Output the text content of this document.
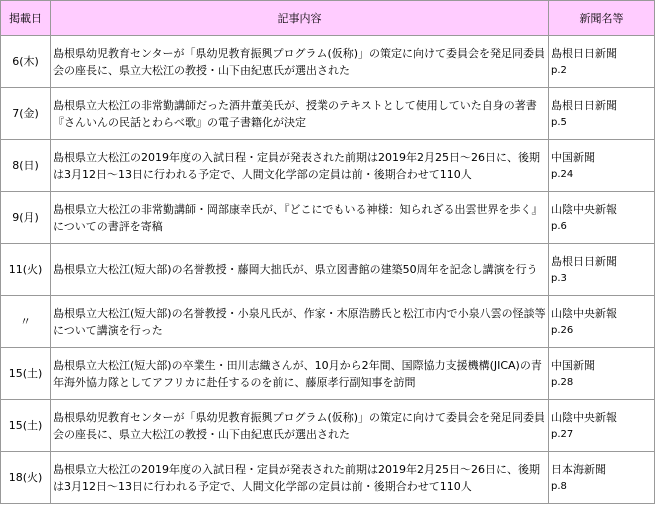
掲載日	記事内容	新聞名等
6(木)	島根県幼児教育センターが「県幼児教育振興プログラム(仮称)」の策定に向けて委員会を発足同委員会の座長に、県立大松江の教授・山下由紀恵氏が選出された	島根日日新聞
p.2

7(金)	島根県立大松江の非常勤講師だった酒井董美氏が、授業のテキストとして使用していた自身の著書『さんいんの民話とわらべ歌』の電子書籍化が決定	島根日日新聞
p.5

8(日)	島根県立大松江の2019年度の入試日程・定員が発表された前期は2019年2月25日～26日に、後期は3月12日～13日に行われる予定で、人間文化学部の定員は前・後期合わせて110人	中国新聞
p.24

9(月)	島根県立大松江の非常勤講師・岡部康幸氏が、『どこにでもいる神様：知られざる出雲世界を歩く』についての書評を寄稿	山陰中央新報
p.6

11(火)	島根県立大松江(短大部)の名誉教授・藤岡大拙氏が、県立図書館の建築50周年を記念し講演を行う	島根日日新聞
p.3

〃	島根県立大松江(短大部)の名誉教授・小泉凡氏が、作家・木原浩勝氏と松江市内で小泉八雲の怪談等について講演を行った	山陰中央新報
p.26

15(土)	島根県立大松江(短大部)の卒業生・田川志織さんが、10月から2年間、国際協力支援機構(JICA)の青年海外協力隊としてアフリカに赴任するのを前に、藤原孝行副知事を訪問	中国新聞
p.28

15(土)	島根県幼児教育センターが「県幼児教育振興プログラム(仮称)」の策定に向けて委員会を発足同委員会の座長に、県立大松江の教授・山下由紀恵氏が選出された	山陰中央新報
p.27

18(火)	島根県立大松江の2019年度の入試日程・定員が発表された前期は2019年2月25日～26日に、後期は3月12日～13日に行われる予定で、人間文化学部の定員は前・後期合わせて110人	日本海新聞
p.8
